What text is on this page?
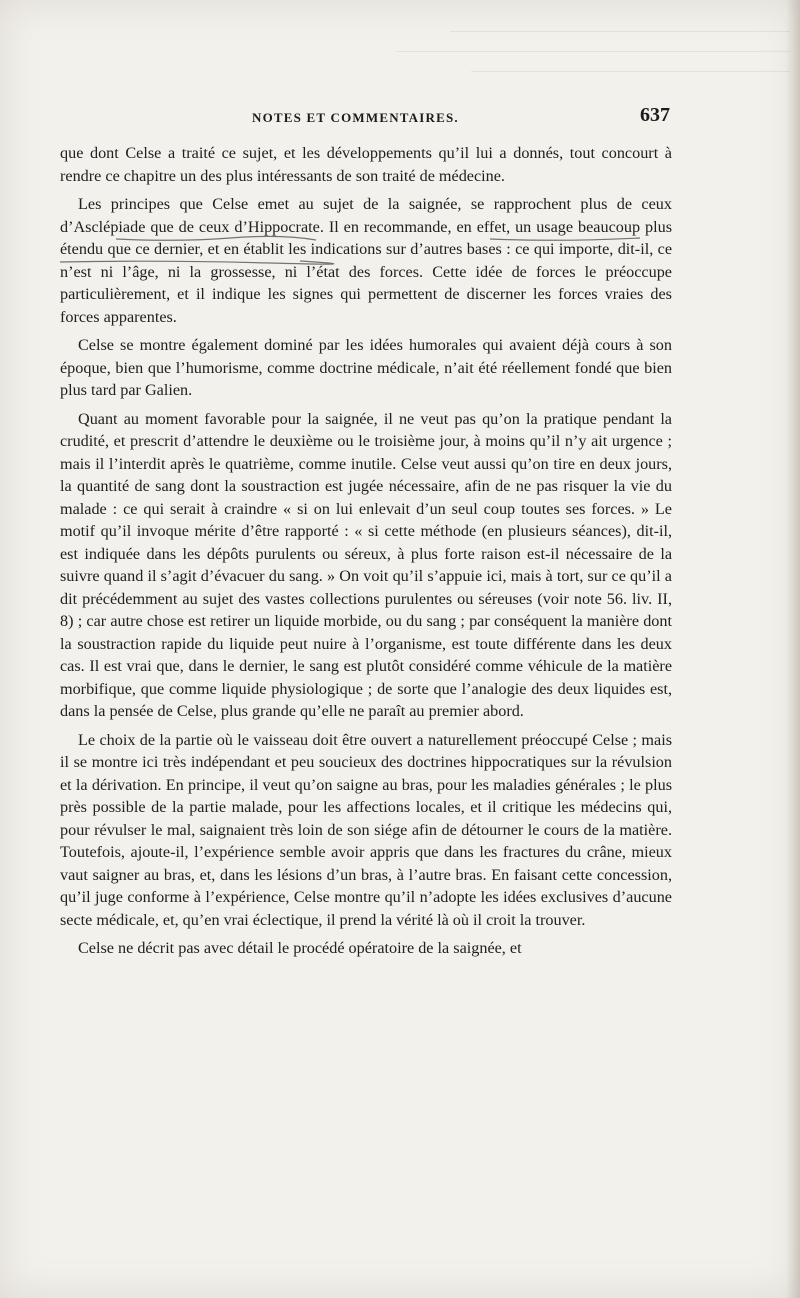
────────────────────────────────
─────────────────────────────────────
──────────────────────────────
NOTES ET COMMENTAIRES.	637

que dont Celse a traité ce sujet, et les développements qu’il lui a donnés, tout concourt à rendre ce chapitre un des plus intéressants de son traité de médecine.

Les principes que Celse emet au sujet de la saignée, se rapprochent plus de ceux d’Asclépiade que de ceux d’Hippocrate. Il en recommande, en effet, un usage beaucoup plus étendu que ce dernier, et en établit les indications sur d’autres bases : ce qui importe, dit-il, ce n’est ni l’âge, ni la grossesse, ni l’état des forces. Cette idée de forces le préoccupe particulièrement, et il indique les signes qui permettent de discerner les forces vraies des forces apparentes.

Celse se montre également dominé par les idées humorales qui avaient déjà cours à son époque, bien que l’humorisme, comme doctrine médicale, n’ait été réellement fondé que bien plus tard par Galien.

Quant au moment favorable pour la saignée, il ne veut pas qu’on la pratique pendant la crudité, et prescrit d’attendre le deuxième ou le troisième jour, à moins qu’il n’y ait urgence ; mais il l’interdit après le quatrième, comme inutile. Celse veut aussi qu’on tire en deux jours, la quantité de sang dont la soustraction est jugée nécessaire, afin de ne pas risquer la vie du malade : ce qui serait à craindre « si on lui enlevait d’un seul coup toutes ses forces. » Le motif qu’il invoque mérite d’être rapporté : « si cette méthode (en plusieurs séances), dit-il, est indiquée dans les dépôts purulents ou séreux, à plus forte raison est-il nécessaire de la suivre quand il s’agit d’évacuer du sang. » On voit qu’il s’appuie ici, mais à tort, sur ce qu’il a dit précédemment au sujet des vastes collections purulentes ou séreuses (voir note 56. liv. II, 8) ; car autre chose est retirer un liquide morbide, ou du sang ; par conséquent la manière dont la soustraction rapide du liquide peut nuire à l’organisme, est toute différente dans les deux cas. Il est vrai que, dans le dernier, le sang est plutôt considéré comme véhicule de la matière morbifique, que comme liquide physiologique ; de sorte que l’analogie des deux liquides est, dans la pensée de Celse, plus grande qu’elle ne paraît au premier abord.

Le choix de la partie où le vaisseau doit être ouvert a naturellement préoccupé Celse ; mais il se montre ici très indépendant et peu soucieux des doctrines hippocratiques sur la révulsion et la dérivation. En principe, il veut qu’on saigne au bras, pour les maladies générales ; le plus près possible de la partie malade, pour les affections locales, et il critique les médecins qui, pour révulser le mal, saignaient très loin de son siége afin de détourner le cours de la matière. Toutefois, ajoute-il, l’expérience semble avoir appris que dans les fractures du crâne, mieux vaut saigner au bras, et, dans les lésions d’un bras, à l’autre bras. En faisant cette concession, qu’il juge conforme à l’expérience, Celse montre qu’il n’adopte les idées exclusives d’aucune secte médicale, et, qu’en vrai éclectique, il prend la vérité là où il croit la trouver.

Celse ne décrit pas avec détail le procédé opératoire de la saignée, et
